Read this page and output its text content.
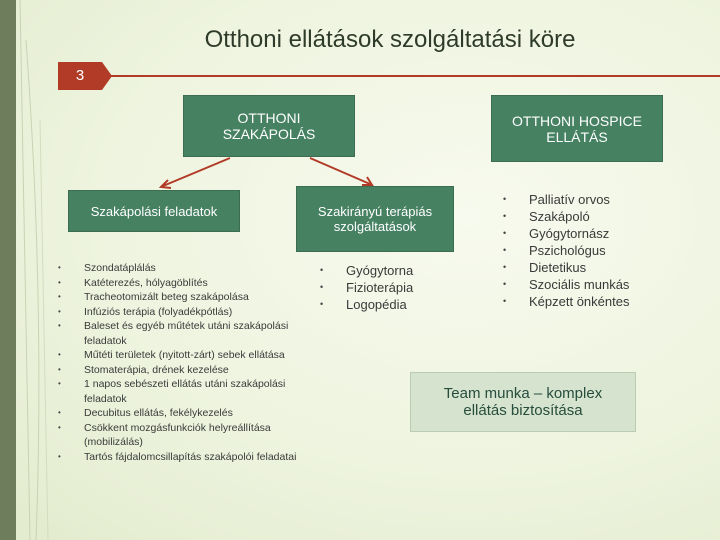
Otthoni ellátások szolgáltatási köre
3
OTTHONI
SZAKÁPOLÁS
OTTHONI HOSPICE
ELLÁTÁS
Szakápolási feladatok	Szakirányú terápiás
szolgáltatások
Team munka – komplex
ellátás biztosítása
• Szondatáplálás
• Katéterezés, hólyagöblítés
• Tracheotomizált beteg szakápolása
• Infúziós terápia (folyadékpótlás)
• Baleset és egyéb műtétek utáni szakápolási feladatok
• Műtéti területek (nyitott-zárt) sebek ellátása
• Stomaterápia, drének kezelése
• 1 napos sebészeti ellátás utáni szakápolási feladatok
• Decubitus ellátás, fekélykezelés
• Csökkent mozgásfunkciók helyreállítása (mobilizálás)
• Tartós fájdalomcsillapítás szakápolói feladatai
• Gyógytorna
• Fizioterápia
• Logopédia
• Palliatív orvos
• Szakápoló
• Gyógytornász
• Pszichológus
• Dietetikus
• Szociális munkás
• Képzett önkéntes
